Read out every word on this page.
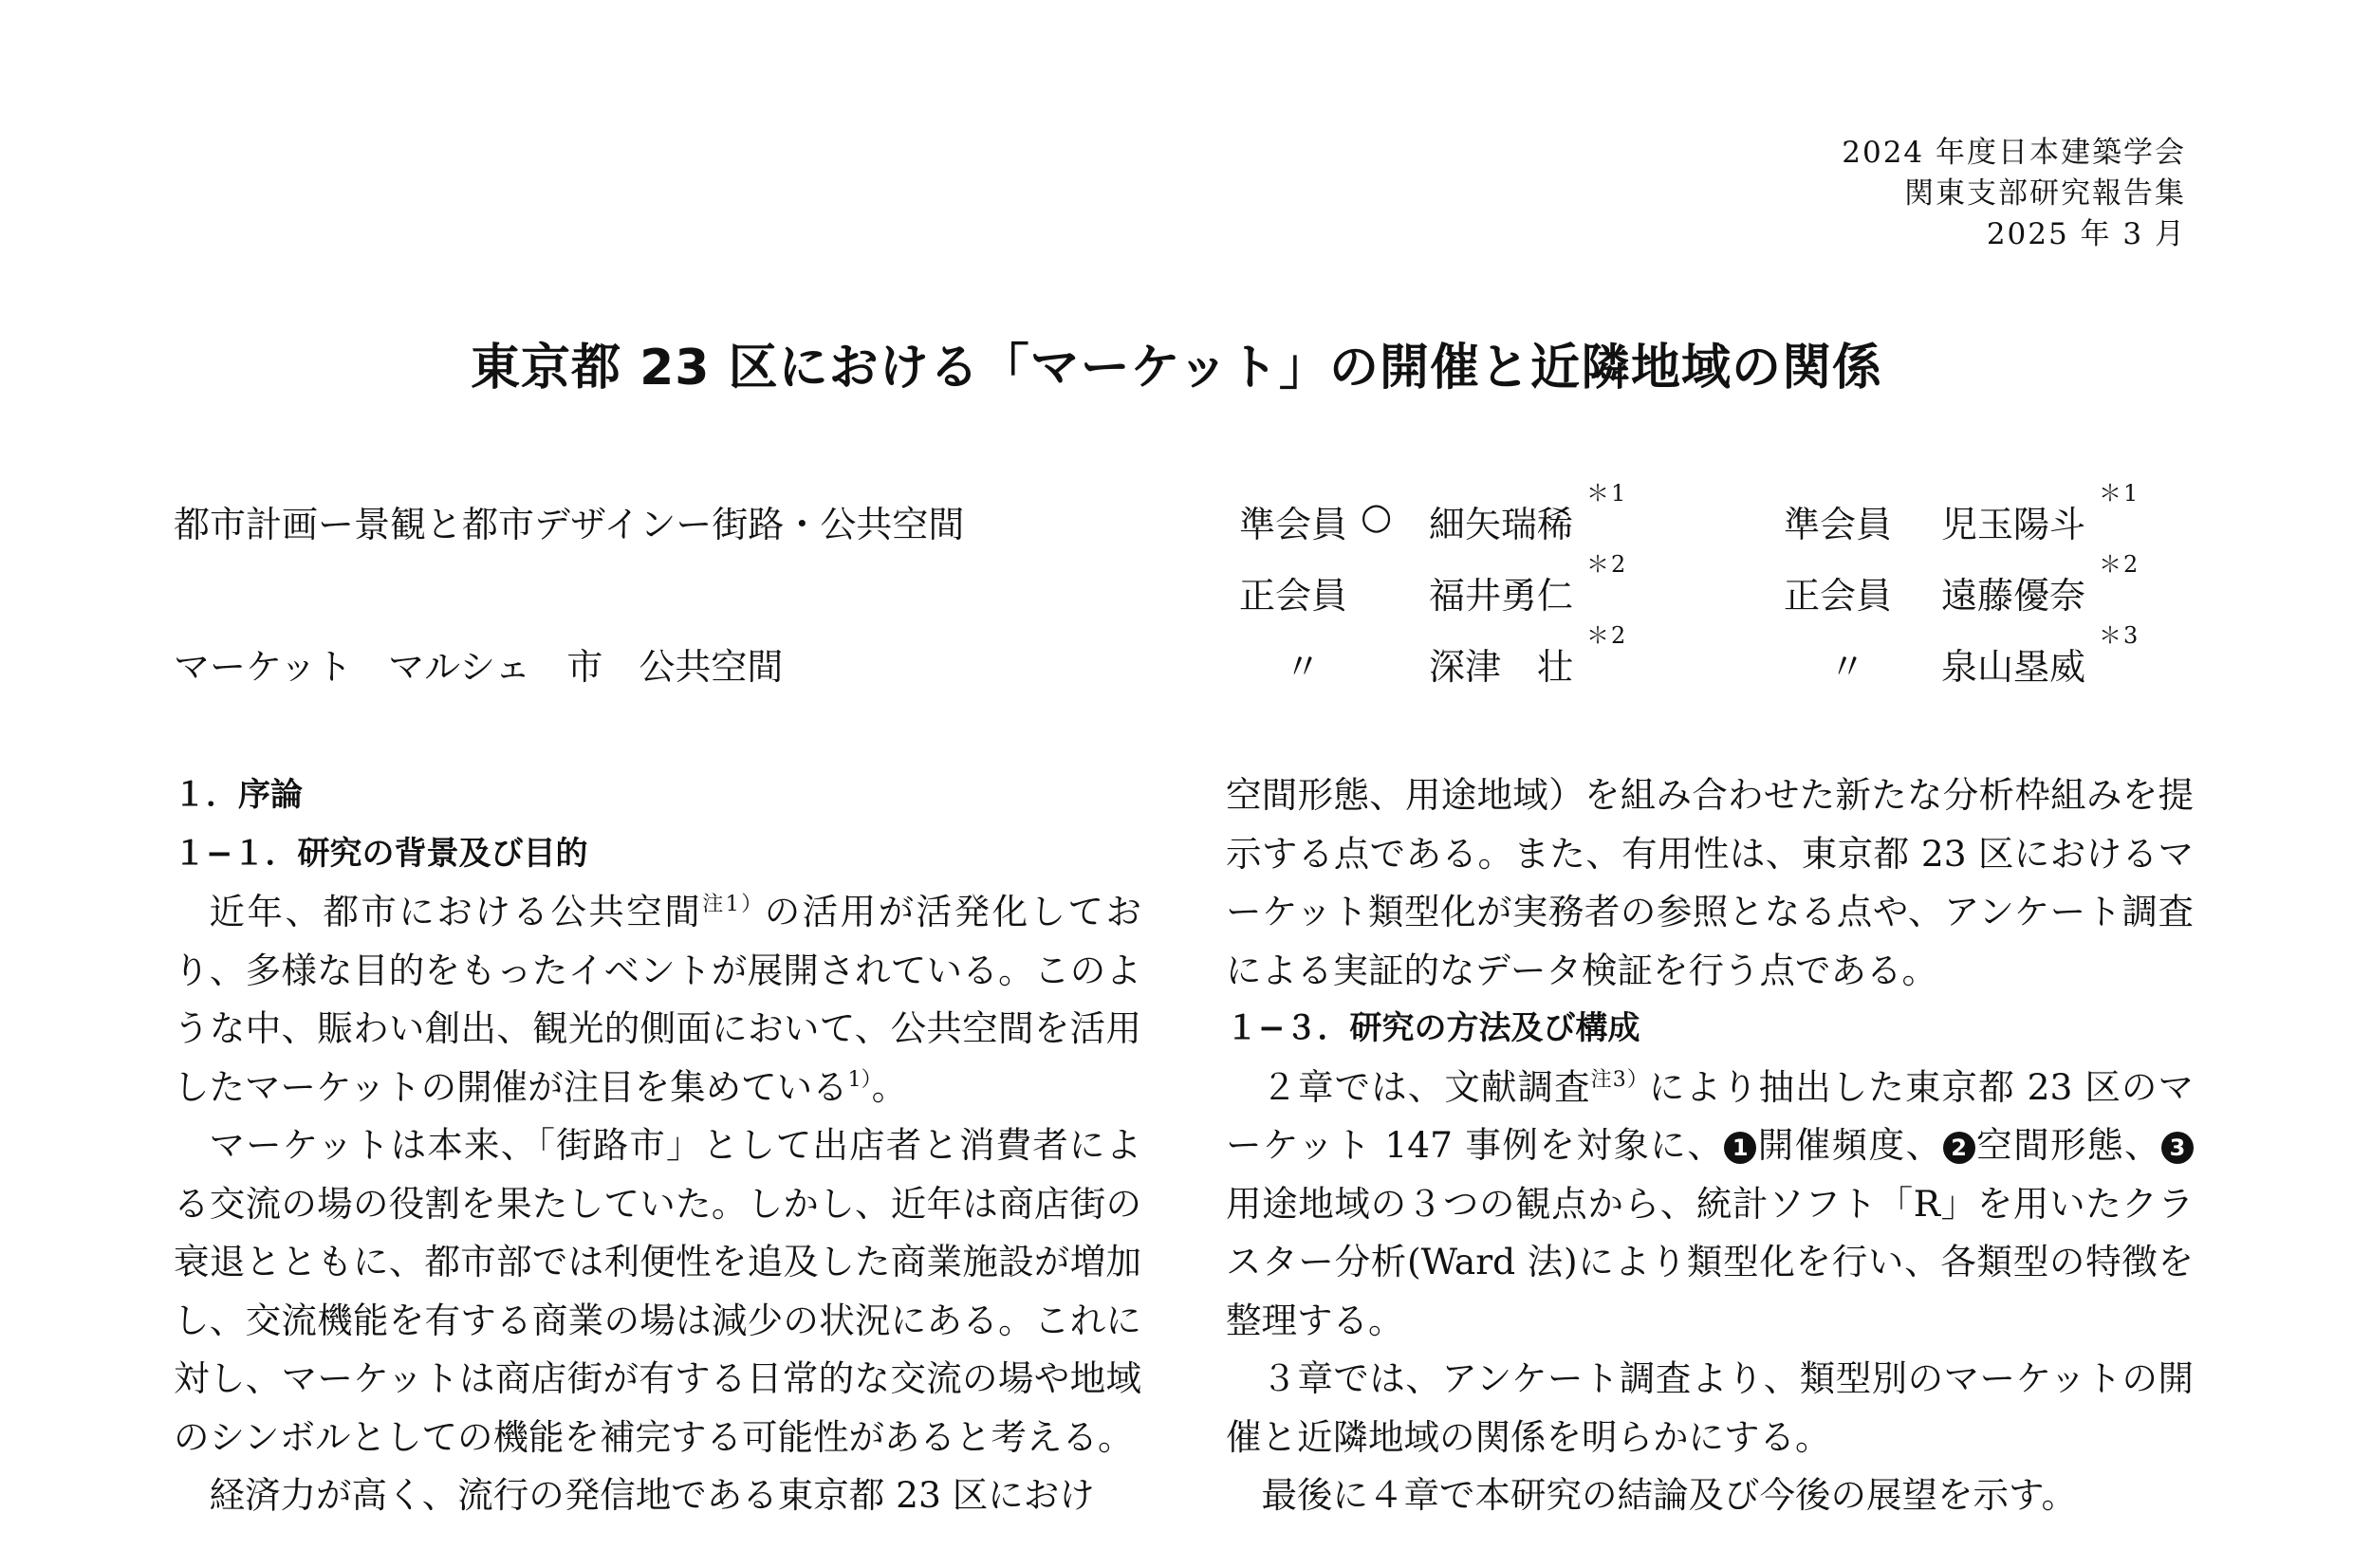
2024 年度日本建築学会
関東支部研究報告集
2025 年 3 月
東京都 23 区における「マーケット」の開催と近隣地域の関係
都市計画ー景観と都市デザインー街路・公共空間
マーケット　マルシェ　市　公共空間
準会員 ○ 細矢瑞稀
＊1
正会員 福井勇仁
＊2
〃	深津　壮
＊2
準会員 児玉陽斗
＊1
正会員 遠藤優奈
＊2
〃 泉山塁威
＊3
１．序論
１−１．研究の背景及び目的

近年、都市における公共空間$^{注1)}$の活用が活発化しており、多様な目的をもったイベントが展開されている。このような中、賑わい創出、観光的側面において、公共空間を活用したマーケットの開催が注目を集めている$^{1)}$。

マーケットは本来、「街路市」として出店者と消費者による交流の場の役割を果たしていた。しかし、近年は商店街の衰退とともに、都市部では利便性を追及した商業施設が増加し、交流機能を有する商業の場は減少の状況にある。これに対し、マーケットは商店街が有する日常的な交流の場や地域のシンボルとしての機能を補完する可能性があると考える。

経済力が高く、流行の発信地である東京都 23 区におけ

空間形態、用途地域）を組み合わせた新たな分析枠組みを提示する点である。また、有用性は、東京都 23 区におけるマーケット類型化が実務者の参照となる点や、アンケート調査による実証的なデータ検証を行う点である。

１−３．研究の方法及び構成

２章では、文献調査$^{注3)}$により抽出した東京都 23 区のマーケット 147 事例を対象に、 1 開催頻度、 2 空間形態、 3用途地域の３つの観点から、統計ソフト「R」を用いたクラスター分析(Ward 法)により類型化を行い、各類型の特徴を整理する。

３章では、アンケート調査より、類型別のマーケットの開催と近隣地域の関係を明らかにする。

最後に４章で本研究の結論及び今後の展望を示す。
